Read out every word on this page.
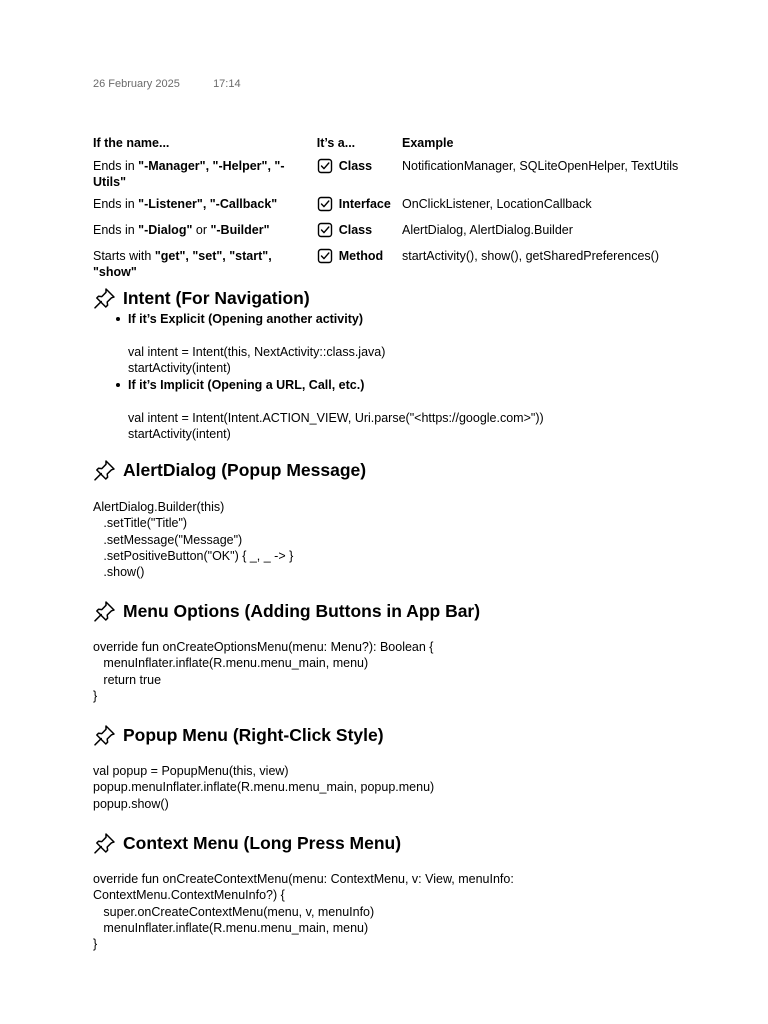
26 February 2025	17:14
If the name...	It’s a...	Example
Ends in "-Manager", "-Helper", "-Utils"	Class	NotificationManager, SQLiteOpenHelper, TextUtils
Ends in "-Listener", "-Callback"	Interface	OnClickListener, LocationCallback
Ends in "-Dialog" or "-Builder"	Class	AlertDialog, AlertDialog.Builder
Starts with "get", "set", "start", "show"	Method	startActivity(), show(), getSharedPreferences()
Intent (For Navigation)
If it’s Explicit (Opening another activity)
val intent = Intent(this, NextActivity::class.java)
startActivity(intent)
If it’s Implicit (Opening a URL, Call, etc.)
val intent = Intent(Intent.ACTION_VIEW, Uri.parse("<https://google.com>"))
startActivity(intent)
AlertDialog (Popup Message)
AlertDialog.Builder(this)
.setTitle("Title")
.setMessage("Message")
.setPositiveButton("OK") { _, _ -> }
.show()
Menu Options (Adding Buttons in App Bar)
override fun onCreateOptionsMenu(menu: Menu?): Boolean {
menuInflater.inflate(R.menu.menu_main, menu)
return true
}
Popup Menu (Right-Click Style)
val popup = PopupMenu(this, view)
popup.menuInflater.inflate(R.menu.menu_main, popup.menu)
popup.show()
Context Menu (Long Press Menu)
override fun onCreateContextMenu(menu: ContextMenu, v: View, menuInfo:
ContextMenu.ContextMenuInfo?) {
super.onCreateContextMenu(menu, v, menuInfo)
menuInflater.inflate(R.menu.menu_main, menu)
}
